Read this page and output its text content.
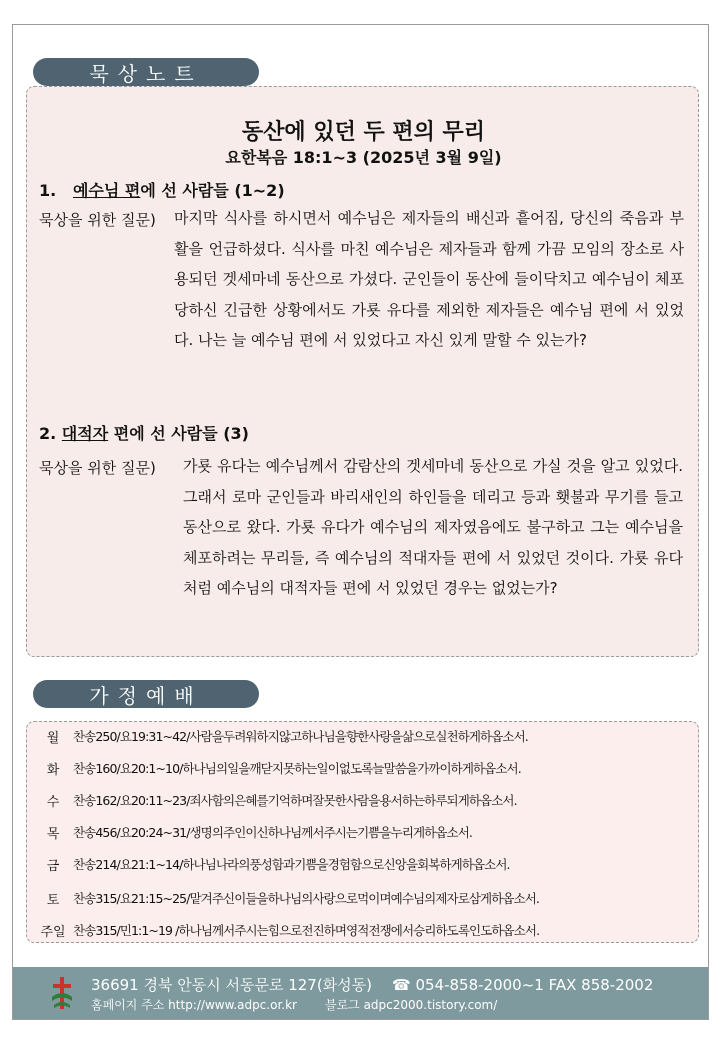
묵상노트
동산에 있던 두 편의 무리
요한복음 18:1~3 (2025년 3월 9일)
1. 예수님 편에 선 사람들 (1~2)
묵상을 위한 질문) 마지막 식사를 하시면서 예수님은 제자들의 배신과 흩어짐, 당신의 죽음과 부활을 언급하셨다. 식사를 마친 예수님은 제자들과 함께 가끔 모임의 장소로 사용되던 겟세마네 동산으로 가셨다. 군인들이 동산에 들이닥치고 예수님이 체포당하신 긴급한 상황에서도 가룟 유다를 제외한 제자들은 예수님 편에 서 있었다. 나는 늘 예수님 편에 서 있었다고 자신 있게 말할 수 있는가?
2. 대적자 편에 선 사람들 (3)
묵상을 위한 질문) 가룟 유다는 예수님께서 감람산의 겟세마네 동산으로 가실 것을 알고 있었다. 그래서 로마 군인들과 바리새인의 하인들을 데리고 등과 횃불과 무기를 들고 동산으로 왔다. 가룟 유다가 예수님의 제자였음에도 불구하고 그는 예수님을 체포하려는 무리들, 즉 예수님의 적대자들 편에 서 있었던 것이다. 가룟 유다처럼 예수님의 대적자들 편에 서 있었던 경우는 없었는가?
가정예배
월	찬송250/요19:31~42/사람을두려워하지않고하나님을향한사랑을삶으로실천하게하옵소서.
화	찬송160/요20:1~10/하나님의일을깨닫지못하는일이없도록늘말씀을가까이하게하옵소서.
수	찬송162/요20:11~23/죄사함의은혜를기억하며잘못한사람을용서하는하루되게하옵소서.
목	찬송456/요20:24~31/생명의주인이신하나님께서주시는기쁨을누리게하옵소서.
금	찬송214/요21:1~14/하나님나라의풍성함과기쁨을경험함으로신앙을회복하게하옵소서.
토	찬송315/요21:15~25/맡겨주신이들을하나님의사랑으로먹이며예수님의제자로삼게하옵소서.
주일 찬송315/민1:1~19 /하나님께서주시는힘으로전진하며영적전쟁에서승리하도록인도하옵소서.
36691 경북 안동시 서동문로 127(화성동) ☎ 054-858-2000~1 FAX 858-2002
홈페이지 주소 http://www.adpc.or.kr 블로그 adpc2000.tistory.com/
